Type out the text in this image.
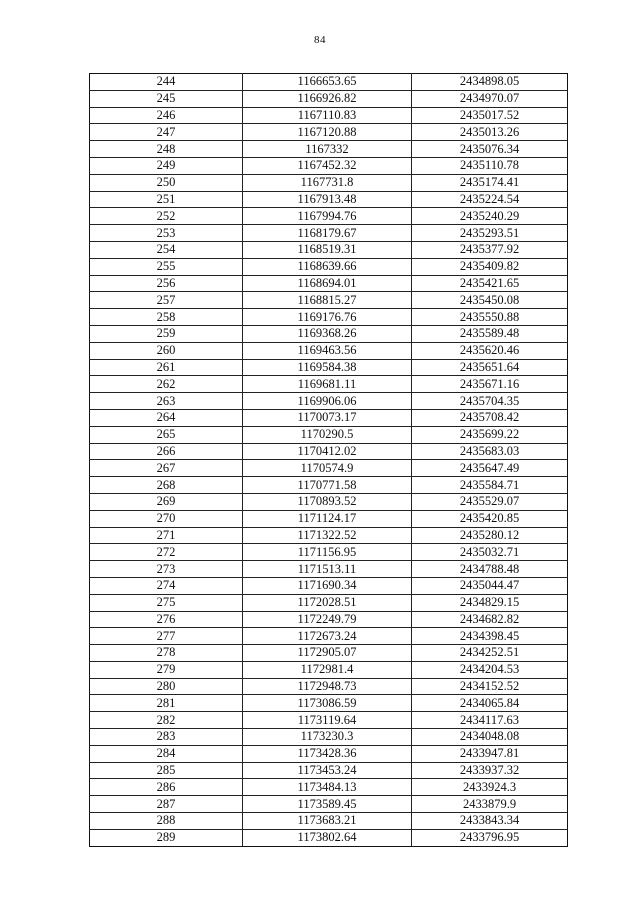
84
244	1166653.65	2434898.05
245	1166926.82	2434970.07
246	1167110.83	2435017.52
247	1167120.88	2435013.26
248	1167332	2435076.34
249	1167452.32	2435110.78
250	1167731.8	2435174.41
251	1167913.48	2435224.54
252	1167994.76	2435240.29
253	1168179.67	2435293.51
254	1168519.31	2435377.92
255	1168639.66	2435409.82
256	1168694.01	2435421.65
257	1168815.27	2435450.08
258	1169176.76	2435550.88
259	1169368.26	2435589.48
260	1169463.56	2435620.46
261	1169584.38	2435651.64
262	1169681.11	2435671.16
263	1169906.06	2435704.35
264	1170073.17	2435708.42
265	1170290.5	2435699.22
266	1170412.02	2435683.03
267	1170574.9	2435647.49
268	1170771.58	2435584.71
269	1170893.52	2435529.07
270	1171124.17	2435420.85
271	1171322.52	2435280.12
272	1171156.95	2435032.71
273	1171513.11	2434788.48
274	1171690.34	2435044.47
275	1172028.51	2434829.15
276	1172249.79	2434682.82
277	1172673.24	2434398.45
278	1172905.07	2434252.51
279	1172981.4	2434204.53
280	1172948.73	2434152.52
281	1173086.59	2434065.84
282	1173119.64	2434117.63
283	1173230.3	2434048.08
284	1173428.36	2433947.81
285	1173453.24	2433937.32
286	1173484.13	2433924.3
287	1173589.45	2433879.9
288	1173683.21	2433843.34
289	1173802.64	2433796.95
